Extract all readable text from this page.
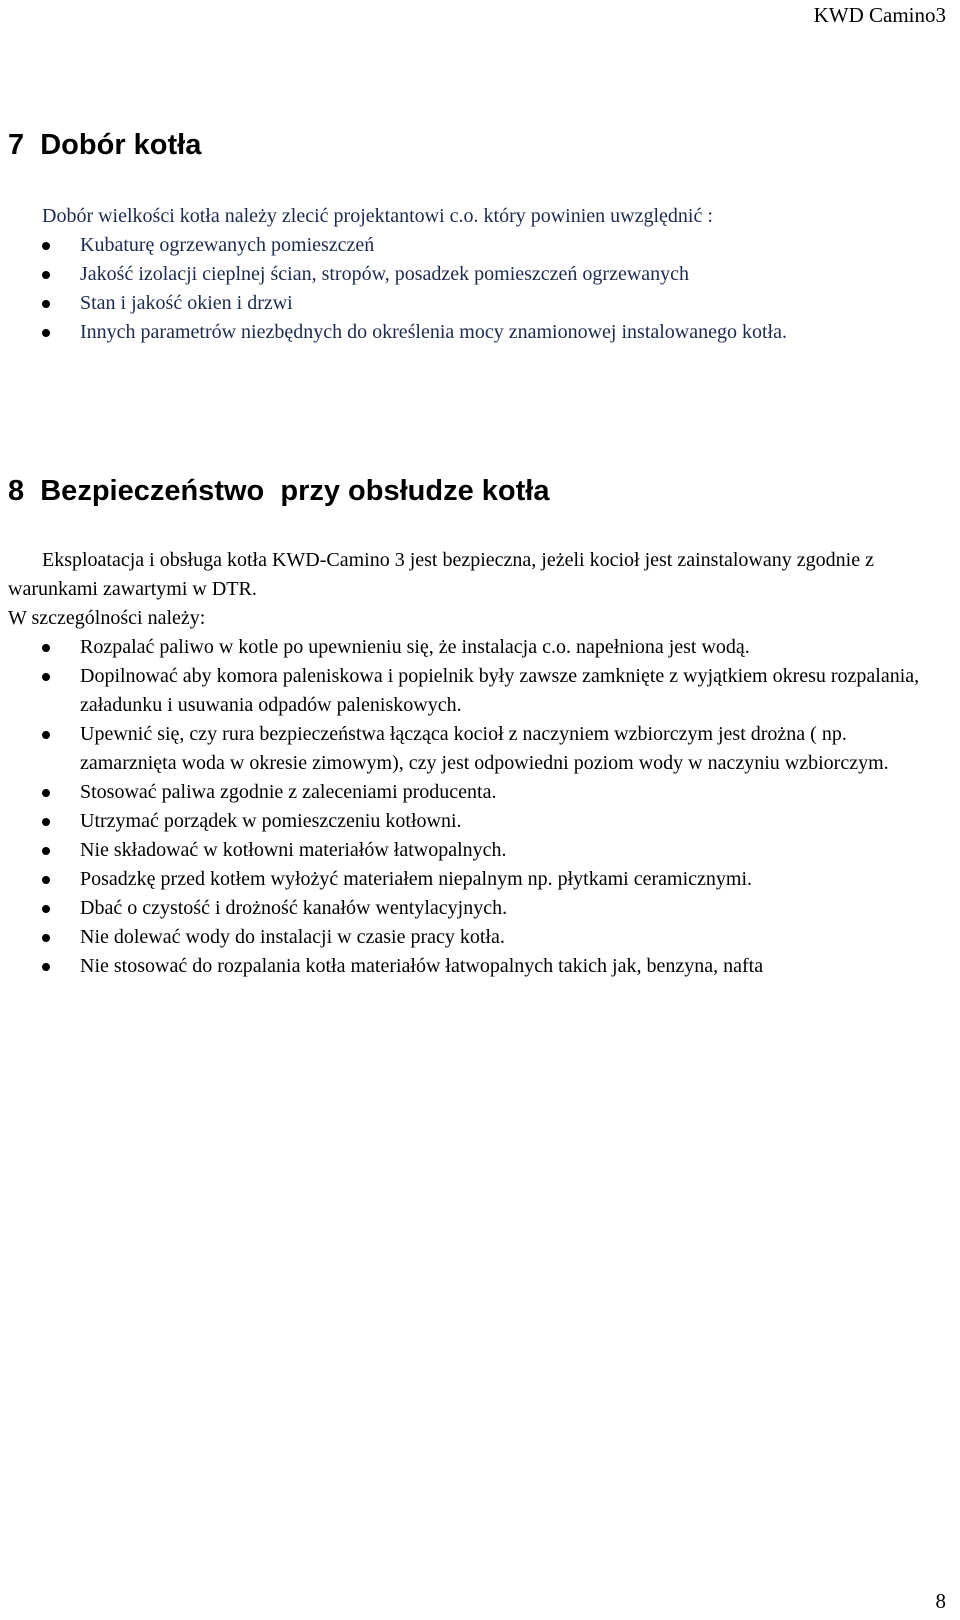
KWD Camino3
7  Dobór kotła

Dobór wielkości kotła należy zlecić projektantowi c.o. który powinien uwzględnić :

Kubaturę ogrzewanych pomieszczeń
Jakość izolacji cieplnej ścian, stropów, posadzek pomieszczeń ogrzewanych
Stan i jakość okien i drzwi
Innych parametrów niezbędnych do określenia mocy znamionowej instalowanego kotła.
8  Bezpieczeństwo  przy obsłudze kotła

Eksploatacja i obsługa kotła KWD-Camino 3 jest bezpieczna, jeżeli kocioł jest zainstalowany zgodnie z warunkami zawartymi w DTR.

W szczególności należy:

Rozpalać paliwo w kotle po upewnieniu się, że instalacja c.o. napełniona jest wodą.
Dopilnować aby komora paleniskowa i popielnik były zawsze zamknięte z wyjątkiem okresu rozpalania, załadunku i usuwania odpadów paleniskowych.
Upewnić się, czy rura bezpieczeństwa łącząca kocioł z naczyniem wzbiorczym jest drożna ( np. zamarznięta woda w okresie zimowym), czy jest odpowiedni poziom wody w naczyniu wzbiorczym.
Stosować paliwa zgodnie z zaleceniami producenta.
Utrzymać porządek w pomieszczeniu kotłowni.
Nie składować w kotłowni materiałów łatwopalnych.
Posadzkę przed kotłem wyłożyć materiałem niepalnym np. płytkami ceramicznymi.
Dbać o czystość i drożność kanałów wentylacyjnych.
Nie dolewać wody do instalacji w czasie pracy kotła.
Nie stosować do rozpalania kotła materiałów łatwopalnych takich jak, benzyna, nafta
8
